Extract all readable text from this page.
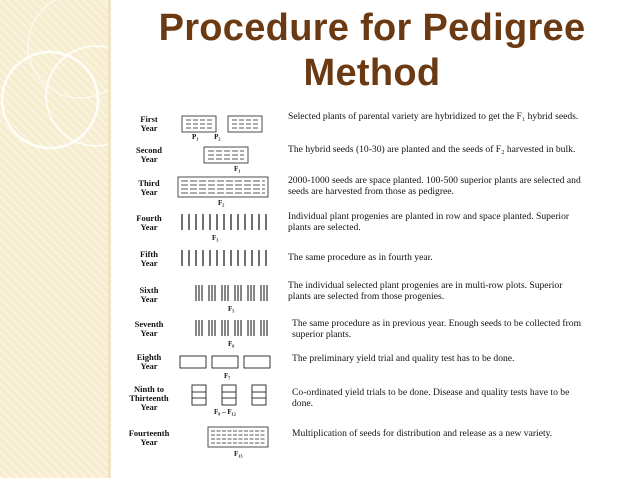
Procedure for Pedigree
Method
First
Year
P₁         P₂
Selected plants of parental variety are hybridized to get the F₁ hybrid seeds.
Second
Year
F₁
The hybrid seeds (10-30) are planted and the seeds of F₂ harvested in bulk.
Third
Year
F₂
2000-1000 seeds are space planted. 100-500 superior plants are selected and seeds are harvested from those as pedigree.
Fourth
Year
F₃
Individual plant progenies are planted in row and space planted. Superior plants are selected.
Fifth
Year	The same procedure as in fourth year.
Sixth
Year
F₅
The individual selected plant progenies are in multi-row plots. Superior plants are selected from those progenies.
Seventh
Year
F₆
The same procedure as in previous year. Enough seeds to be collected from superior plants.
Eighth
Year
F₇
The preliminary yield trial and quality test has to be done.
Ninth to
Thirteenth
Year	F₈ – F₁₂
Co-ordinated yield trials to be done. Disease and quality tests have to be done.
Fourteenth
Year
F₁₃
Multiplication of seeds for distribution and release as a new variety.
